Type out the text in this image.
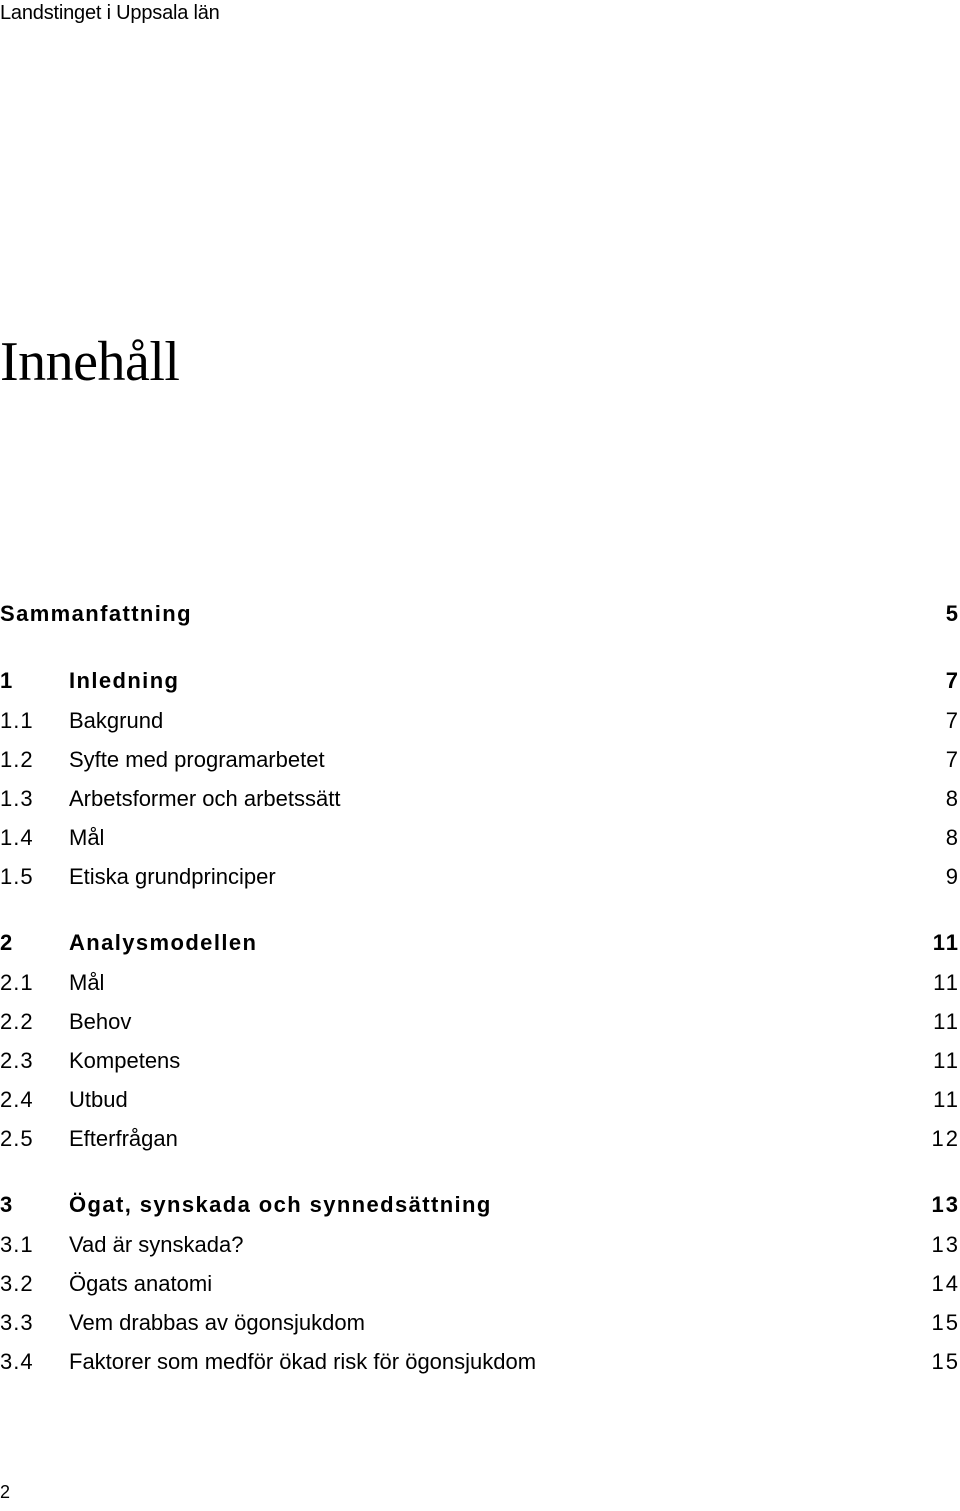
Landstinget i Uppsala län
Innehåll
Sammanfattning	5
1	Inledning	7
1.1 Bakgrund	7
1.2 Syfte med programarbetet	7
1.3 Arbetsformer och arbetssätt	8
1.4 Mål	8
1.5 Etiska grundprinciper	9
2	Analysmodellen	11
2.1 Mål	11
2.2 Behov	11
2.3 Kompetens	11
2.4 Utbud	11
2.5 Efterfrågan	12
3	Ögat, synskada och synnedsättning	13
3.1 Vad är synskada?	13
3.2 Ögats anatomi	14
3.3 Vem drabbas av ögonsjukdom	15
3.4 Faktorer som medför ökad risk för ögonsjukdom	15
2
